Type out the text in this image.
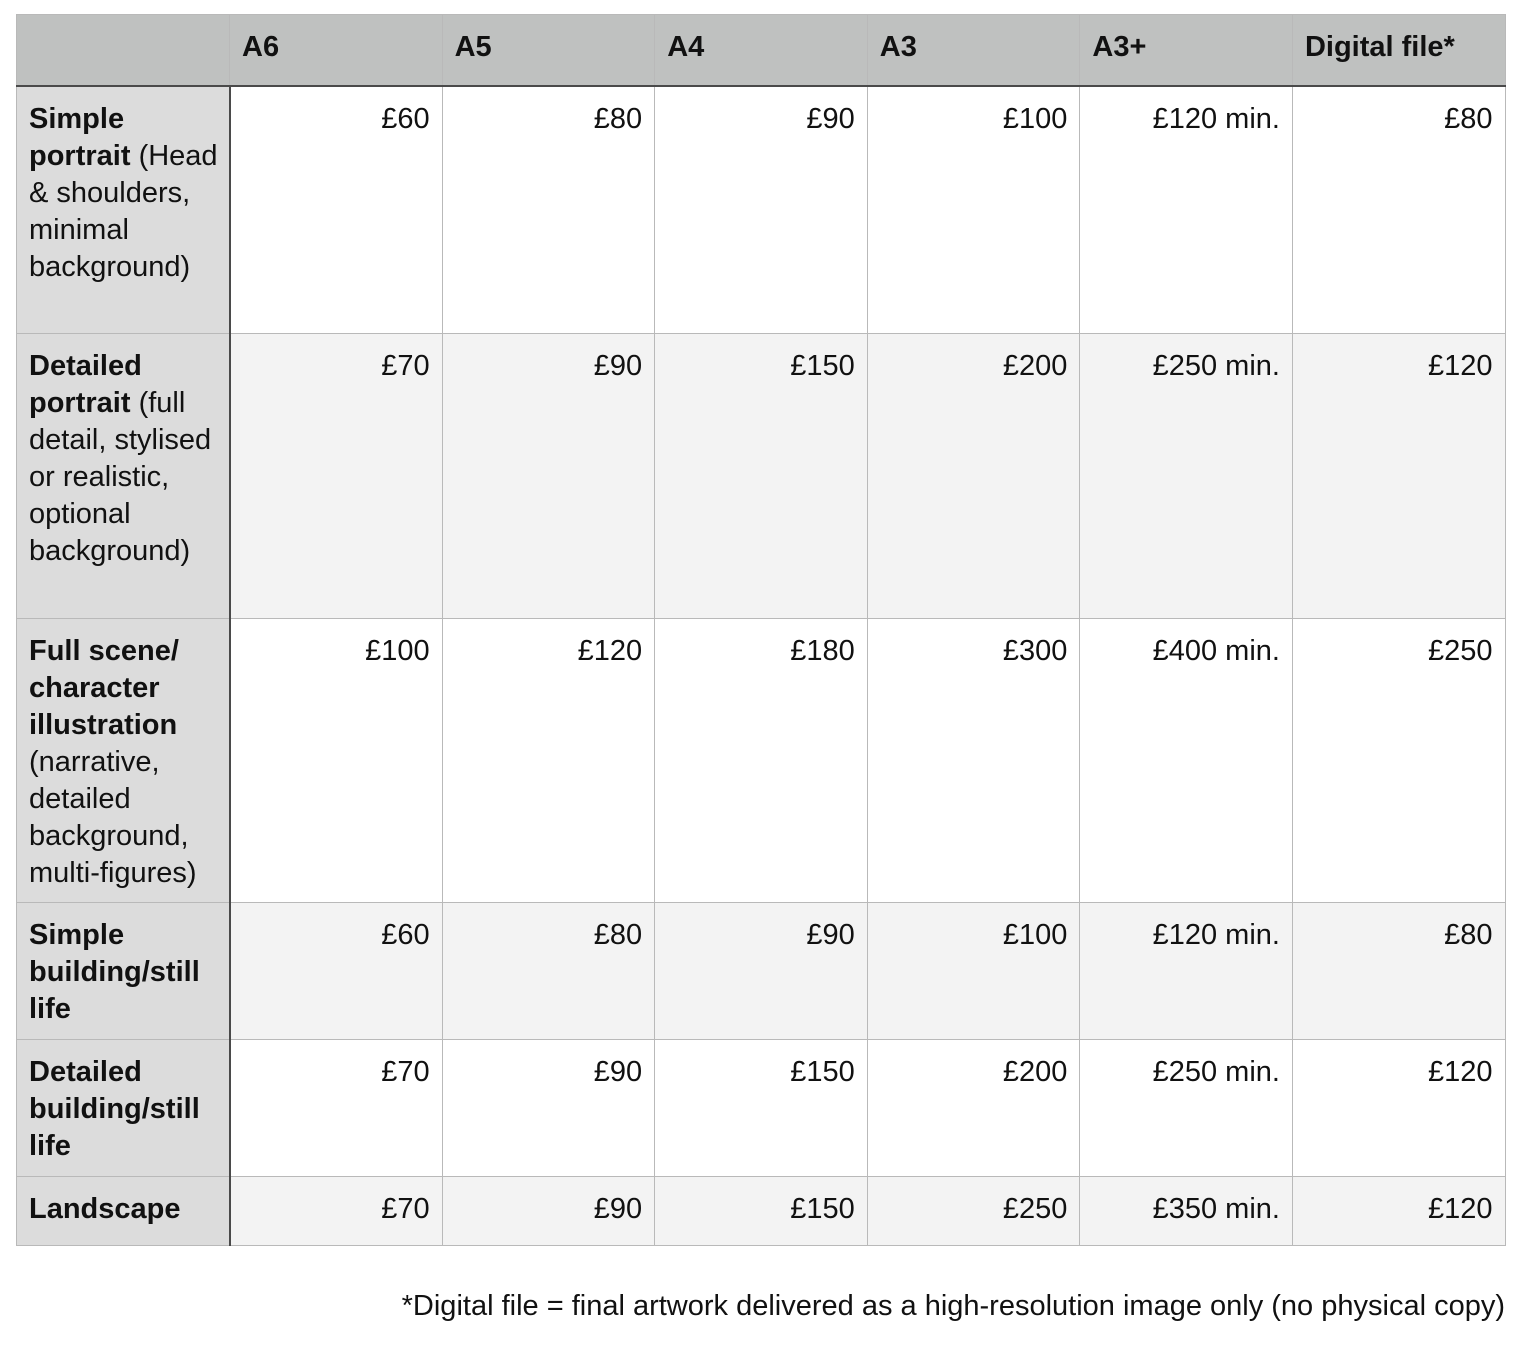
	A6	A5	A4	A3	A3+	Digital file*
Simple portrait (Head & shoulders, minimal background)	£60	£80	£90	£100	£120 min.	£80
Detailed portrait (full detail, stylised or realistic, optional background)	£70	£90	£150	£200	£250 min.	£120
Full scene/ character illustration (narrative, detailed background, multi-figures)	£100	£120	£180	£300	£400 min.	£250
Simple building/still life	£60	£80	£90	£100	£120 min.	£80
Detailed building/still life	£70	£90	£150	£200	£250 min.	£120
Landscape	£70	£90	£150	£250	£350 min.	£120
*Digital file = final artwork delivered as a high-resolution image only (no physical copy)
